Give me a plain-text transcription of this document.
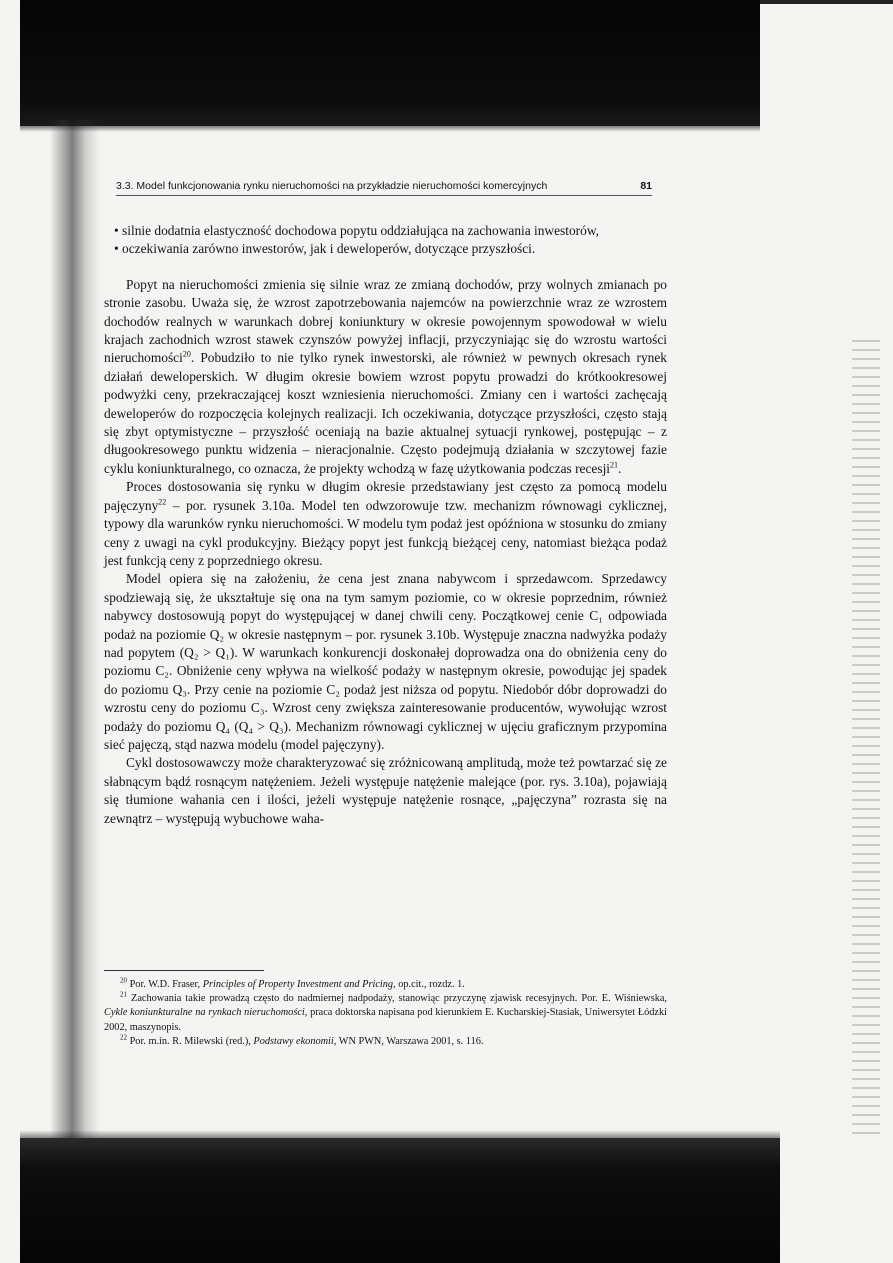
3.3. Model funkcjonowania rynku nieruchomości na przykładzie nieruchomości komercyjnych	81

• silnie dodatnia elastyczność dochodowa popytu oddziałująca na zachowania inwestorów,

• oczekiwania zarówno inwestorów, jak i deweloperów, dotyczące przyszłości.

Popyt na nieruchomości zmienia się silnie wraz ze zmianą dochodów, przy wolnych zmianach po stronie zasobu. Uważa się, że wzrost zapotrzebowania najemców na powierzchnie wraz ze wzrostem dochodów realnych w warunkach dobrej koniunktury w okresie powojennym spowodował w wielu krajach zachodnich wzrost stawek czynszów powyżej inflacji, przyczyniając się do wzrostu wartości nieruchomości$^{20}$. Pobudziło to nie tylko rynek inwestorski, ale również w pewnych okresach rynek działań deweloperskich. W długim okresie bowiem wzrost popytu prowadzi do krótkookresowej podwyżki ceny, przekraczającej koszt wzniesienia nieruchomości. Zmiany cen i wartości zachęcają deweloperów do rozpoczęcia kolejnych realizacji. Ich oczekiwania, dotyczące przyszłości, często stają się zbyt optymistyczne – przyszłość oceniają na bazie aktualnej sytuacji rynkowej, postępując – z długookresowego punktu widzenia – nieracjonalnie. Często podejmują działania w szczytowej fazie cyklu koniunkturalnego, co oznacza, że projekty wchodzą w fazę użytkowania podczas recesji$^{21}$.

Proces dostosowania się rynku w długim okresie przedstawiany jest często za pomocą modelu pajęczyny$^{22}$ – por. rysunek 3.10a. Model ten odwzorowuje tzw. mechanizm równowagi cyklicznej, typowy dla warunków rynku nieruchomości. W modelu tym podaż jest opóźniona w stosunku do zmiany ceny z uwagi na cykl produkcyjny. Bieżący popyt jest funkcją bieżącej ceny, natomiast bieżąca podaż jest funkcją ceny z poprzedniego okresu.

Model opiera się na założeniu, że cena jest znana nabywcom i sprzedawcom. Sprzedawcy spodziewają się, że ukształtuje się ona na tym samym poziomie, co w okresie poprzednim, również nabywcy dostosowują popyt do występującej w danej chwili ceny. Początkowej cenie C₁ odpowiada podaż na poziomie Q₂ w okresie następnym – por. rysunek 3.10b. Występuje znaczna nadwyżka podaży nad popytem (Q₂ > Q₁). W warunkach konkurencji doskonałej doprowadza ona do obniżenia ceny do poziomu C₂. Obniżenie ceny wpływa na wielkość podaży w następnym okresie, powodując jej spadek do poziomu Q₃. Przy cenie na poziomie C₂ podaż jest niższa od popytu. Niedobór dóbr doprowadzi do wzrostu ceny do poziomu C₃. Wzrost ceny zwiększa zainteresowanie producentów, wywołując wzrost podaży do poziomu Q₄ (Q₄ > Q₃). Mechanizm równowagi cyklicznej w ujęciu graficznym przypomina sieć pajęczą, stąd nazwa modelu (model pajęczyny).

Cykl dostosowawczy może charakteryzować się zróżnicowaną amplitudą, może też powtarzać się ze słabnącym bądź rosnącym natężeniem. Jeżeli występuje natężenie malejące (por. rys. 3.10a), pojawiają się tłumione wahania cen i ilości, jeżeli występuje natężenie rosnące, „pajęczyna” rozrasta się na zewnątrz – występują wybuchowe waha-

$^{20}$ Por. W.D. Fraser, Principles of Property Investment and Pricing, op.cit., rozdz. 1.

$^{21}$ Zachowania takie prowadzą często do nadmiernej nadpodaży, stanowiąc przyczynę zjawisk recesyjnych. Por. E. Wiśniewska, Cykle koniunkturalne na rynkach nieruchomości, praca doktorska napisana pod kierunkiem E. Kucharskiej-Stasiak, Uniwersytet Łódzki 2002, maszynopis.

$^{22}$ Por. m.in. R. Milewski (red.), Podstawy ekonomii, WN PWN, Warszawa 2001, s. 116.
